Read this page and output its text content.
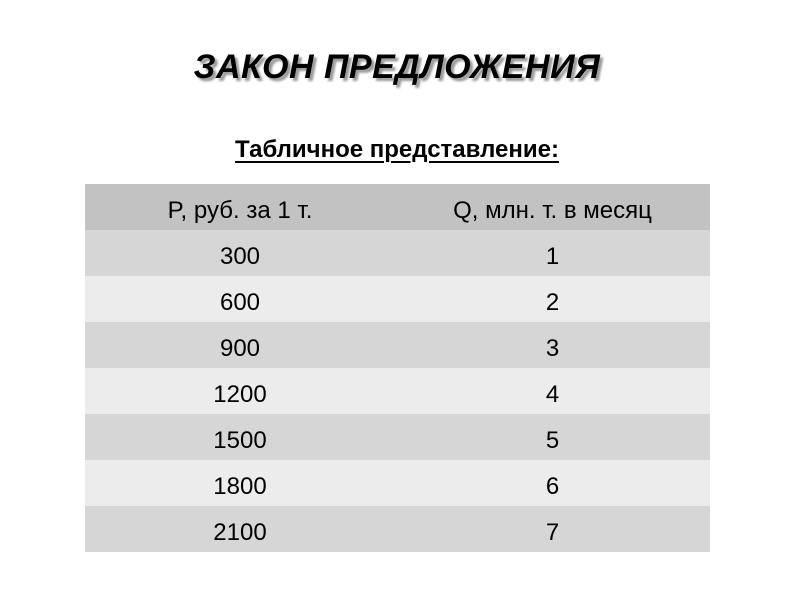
ЗАКОН ПРЕДЛОЖЕНИЯ
Табличное представление:
P, руб. за 1 т.	Q, млн. т. в месяц
300	1
600	2
900	3
1200	4
1500	5
1800	6
2100	7
